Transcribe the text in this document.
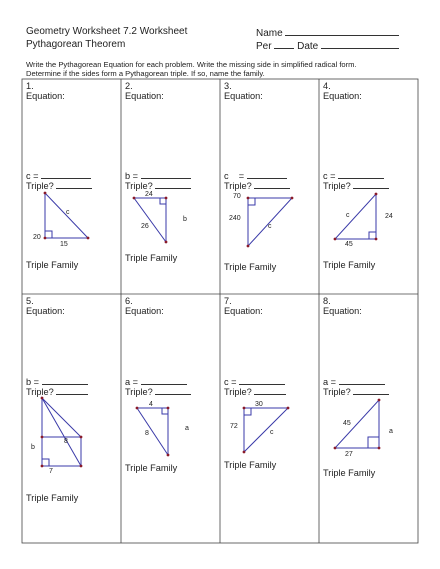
Geometry Worksheet 7.2 Worksheet
Pythagorean Theorem
Name
Per	Date
Write the Pythagorean Equation for each problem. Write the missing side in simplified radical form.
Determine if the sides form a Pythagorean triple. If so, name the family.
c
20
15
24
26
b
70
240
c
c	24
45
b
8
7
4
8
a
30
72
c
45
a
27
1.
Equation:
c =
Triple?
Triple Family
2.
Equation:
b =
Triple?
Triple Family
3.
Equation:
c    =
Triple?
Triple Family
4.
Equation:
c =
Triple?
Triple Family
5.
Equation:
b =
Triple?
Triple Family
6.
Equation:
a =
Triple?
Triple Family
7.
Equation:
c =
Triple?
Triple Family
8.
Equation:
a =
Triple?
Triple Family
